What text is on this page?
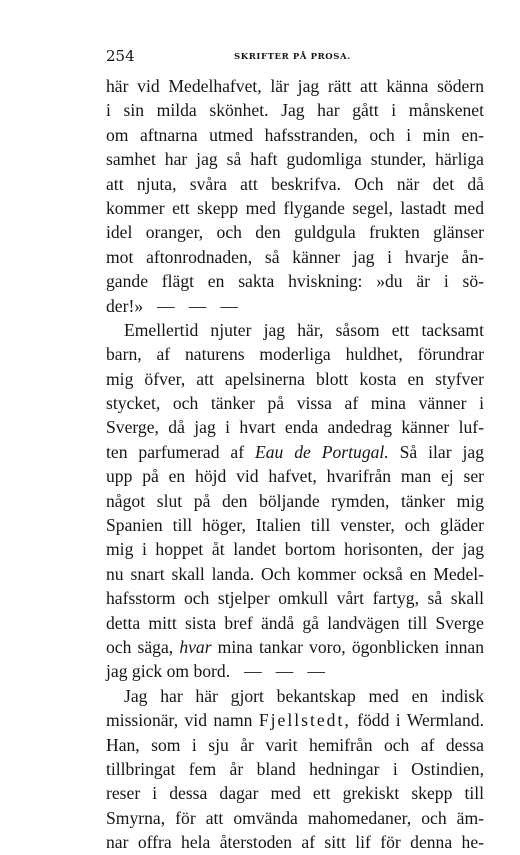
254	SKRIFTER PÅ PROSA.
här vid Medelhafvet, lär jag rätt att känna södern
i sin milda skönhet. Jag har gått i månskenet
om aftnarna utmed hafsstranden, och i min en-
samhet har jag så haft gudomliga stunder, härliga
att njuta, svåra att beskrifva. Och när det då
kommer ett skepp med flygande segel, lastadt med
idel oranger, och den guldgula frukten glänser
mot aftonrodnaden, så känner jag i hvarje ån-
gande flägt en sakta hviskning: »du är i sö-
der!» — — —
Emellertid njuter jag här, såsom ett tacksamt
barn, af naturens moderliga huldhet, förundrar
mig öfver, att apelsinerna blott kosta en styfver
stycket, och tänker på vissa af mina vänner i
Sverge, då jag i hvart enda andedrag känner luf-
ten parfumerad af Eau de Portugal. Så ilar jag
upp på en höjd vid hafvet, hvarifrån man ej ser
något slut på den böljande rymden, tänker mig
Spanien till höger, Italien till venster, och gläder
mig i hoppet åt landet bortom horisonten, der jag
nu snart skall landa. Och kommer också en Medel-
hafsstorm och stjelper omkull vårt fartyg, så skall
detta mitt sista bref ändå gå landvägen till Sverge
och säga, hvar mina tankar voro, ögonblicken innan
jag gick om bord. — — —
Jag har här gjort bekantskap med en indisk
missionär, vid namn Fjellstedt, född i Wermland.
Han, som i sju år varit hemifrån och af dessa
tillbringat fem år bland hedningar i Ostindien,
reser i dessa dagar med ett grekiskt skepp till
Smyrna, för att omvända mahomedaner, och äm-
nar offra hela återstoden af sitt lif för denna he-
